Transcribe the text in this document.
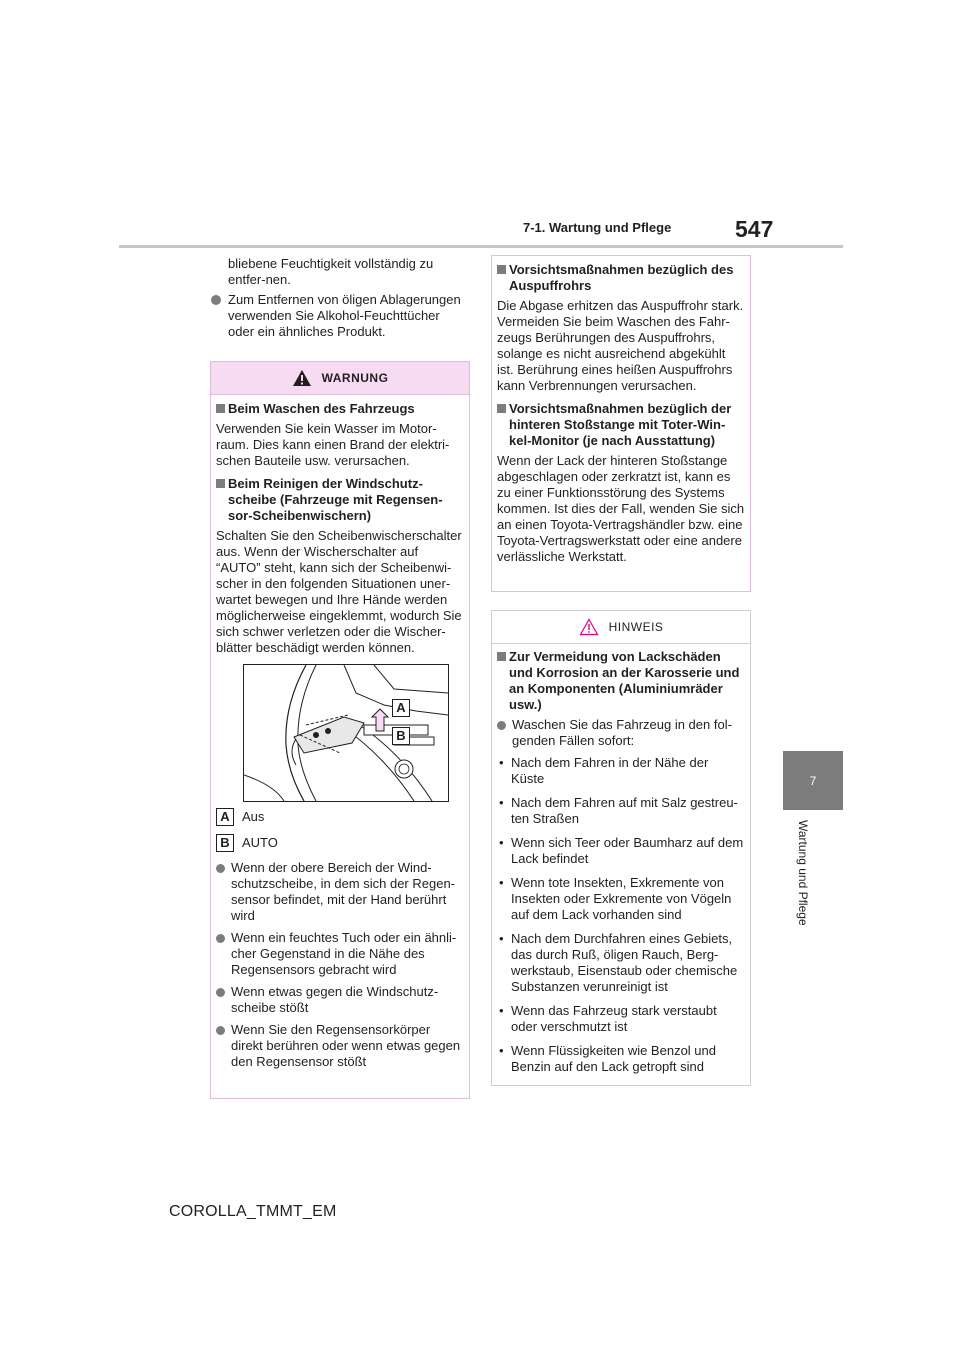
7-1. Wartung und Pflege	547
7
Wartung und Pflege

bliebene Feuchtigkeit vollständig zu entfer-nen.

Zum Entfernen von öligen Ablagerungen verwenden Sie Alkohol-Feuchttücher oder ein ähnliches Produkt.
WARNUNG
Beim Waschen des Fahrzeugs

Verwenden Sie kein Wasser im Motor-raum. Dies kann einen Brand der elektri-schen Bauteile usw. verursachen.

Beim Reinigen der Windschutz-scheibe (Fahrzeuge mit Regensen-sor-Scheibenwischern)

Schalten Sie den Scheibenwischerschalter aus. Wenn der Wischerschalter auf “AUTO” steht, kann sich der Scheibenwi-scher in den folgenden Situationen uner-wartet bewegen und Ihre Hände werden möglicherweise eingeklemmt, wodurch Sie sich schwer verletzen oder die Wischer-blätter beschädigt werden können.

A
B
A Aus
B AUTO
Wenn der obere Bereich der Wind-schutzscheibe, in dem sich der Regen-sensor befindet, mit der Hand berührt wird
Wenn ein feuchtes Tuch oder ein ähnli-cher Gegenstand in die Nähe des Regensensors gebracht wird
Wenn etwas gegen die Windschutz-scheibe stößt
Wenn Sie den Regensensorkörper direkt berühren oder wenn etwas gegen den Regensensor stößt
Vorsichtsmaßnahmen bezüglich des Auspuffrohrs

Die Abgase erhitzen das Auspuffrohr stark.
Vermeiden Sie beim Waschen des Fahr-zeugs Berührungen des Auspuffrohrs, solange es nicht ausreichend abgekühlt ist. Berührung eines heißen Auspuffrohrs kann Verbrennungen verursachen.

Vorsichtsmaßnahmen bezüglich der hinteren Stoßstange mit Toter-Win-kel-Monitor (je nach Ausstattung)

Wenn der Lack der hinteren Stoßstange abgeschlagen oder zerkratzt ist, kann es zu einer Funktionsstörung des Systems kommen. Ist dies der Fall, wenden Sie sich an einen Toyota-Vertragshändler bzw. eine Toyota-Vertragswerkstatt oder eine andere verlässliche Werkstatt.

HINWEIS
Zur Vermeidung von Lackschäden und Korrosion an der Karosserie und an Komponenten (Aluminiumräder usw.)
Waschen Sie das Fahrzeug in den fol-genden Fällen sofort:
• Nach dem Fahren in der Nähe der Küste
• Nach dem Fahren auf mit Salz gestreu-ten Straßen
• Wenn sich Teer oder Baumharz auf dem Lack befindet
• Wenn tote Insekten, Exkremente von Insekten oder Exkremente von Vögeln auf dem Lack vorhanden sind
• Nach dem Durchfahren eines Gebiets, das durch Ruß, öligen Rauch, Berg-werkstaub, Eisenstaub oder chemische Substanzen verunreinigt ist
• Wenn das Fahrzeug stark verstaubt oder verschmutzt ist
• Wenn Flüssigkeiten wie Benzol und Benzin auf den Lack getropft sind
COROLLA_TMMT_EM
